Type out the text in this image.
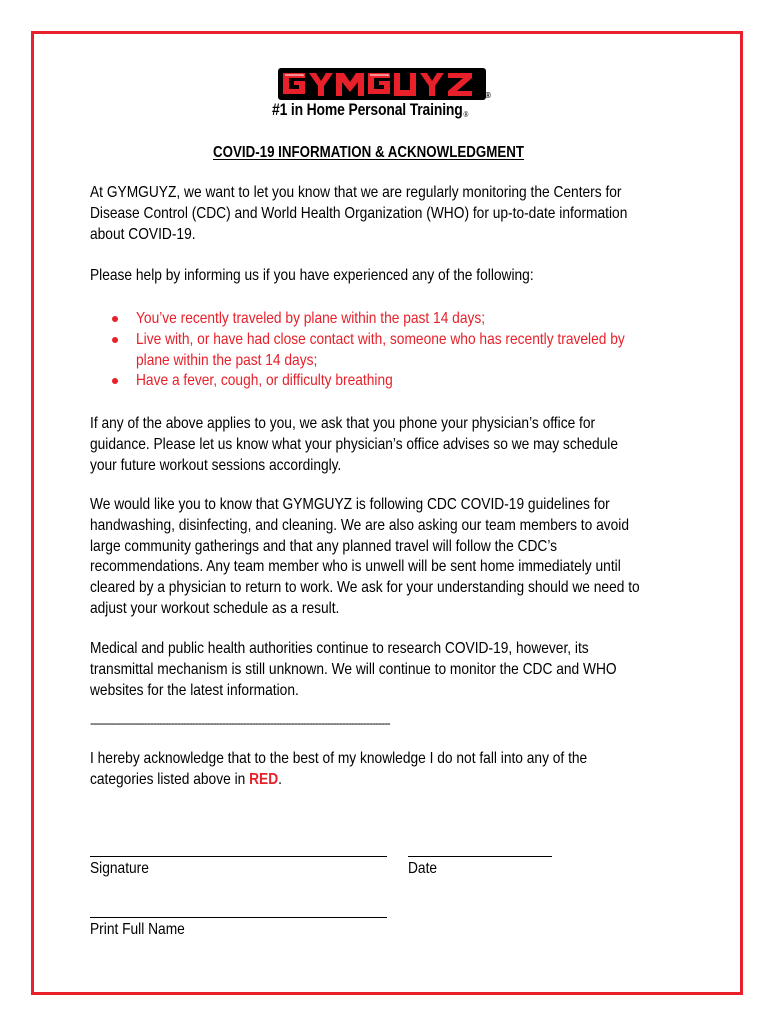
®
#1 in Home Personal Training®
COVID-19 INFORMATION & ACKNOWLEDGMENT
At GYMGUYZ, we want to let you know that we are regularly monitoring the Centers for
Disease Control (CDC) and World Health Organization (WHO) for up-to-date information
about COVID-19.
Please help by informing us if you have experienced any of the following:
You’ve recently traveled by plane within the past 14 days;
Live with, or have had close contact with, someone who has recently traveled by
plane within the past 14 days;
Have a fever, cough, or difficulty breathing
If any of the above applies to you, we ask that you phone your physician’s office for
guidance. Please let us know what your physician’s office advises so we may schedule
your future workout sessions accordingly.
We would like you to know that GYMGUYZ is following CDC COVID-19 guidelines for
handwashing, disinfecting, and cleaning. We are also asking our team members to avoid
large community gatherings and that any planned travel will follow the CDC’s
recommendations. Any team member who is unwell will be sent home immediately until
cleared by a physician to return to work. We ask for your understanding should we need to
adjust your workout schedule as a result.
Medical and public health authorities continue to research COVID-19, however, its
transmittal mechanism is still unknown. We will continue to monitor the CDC and WHO
websites for the latest information.
----------------------------------------------------------------------------------------------------
I hereby acknowledge that to the best of my knowledge I do not fall into any of the
categories listed above in RED.
Signature	Date
Print Full Name
